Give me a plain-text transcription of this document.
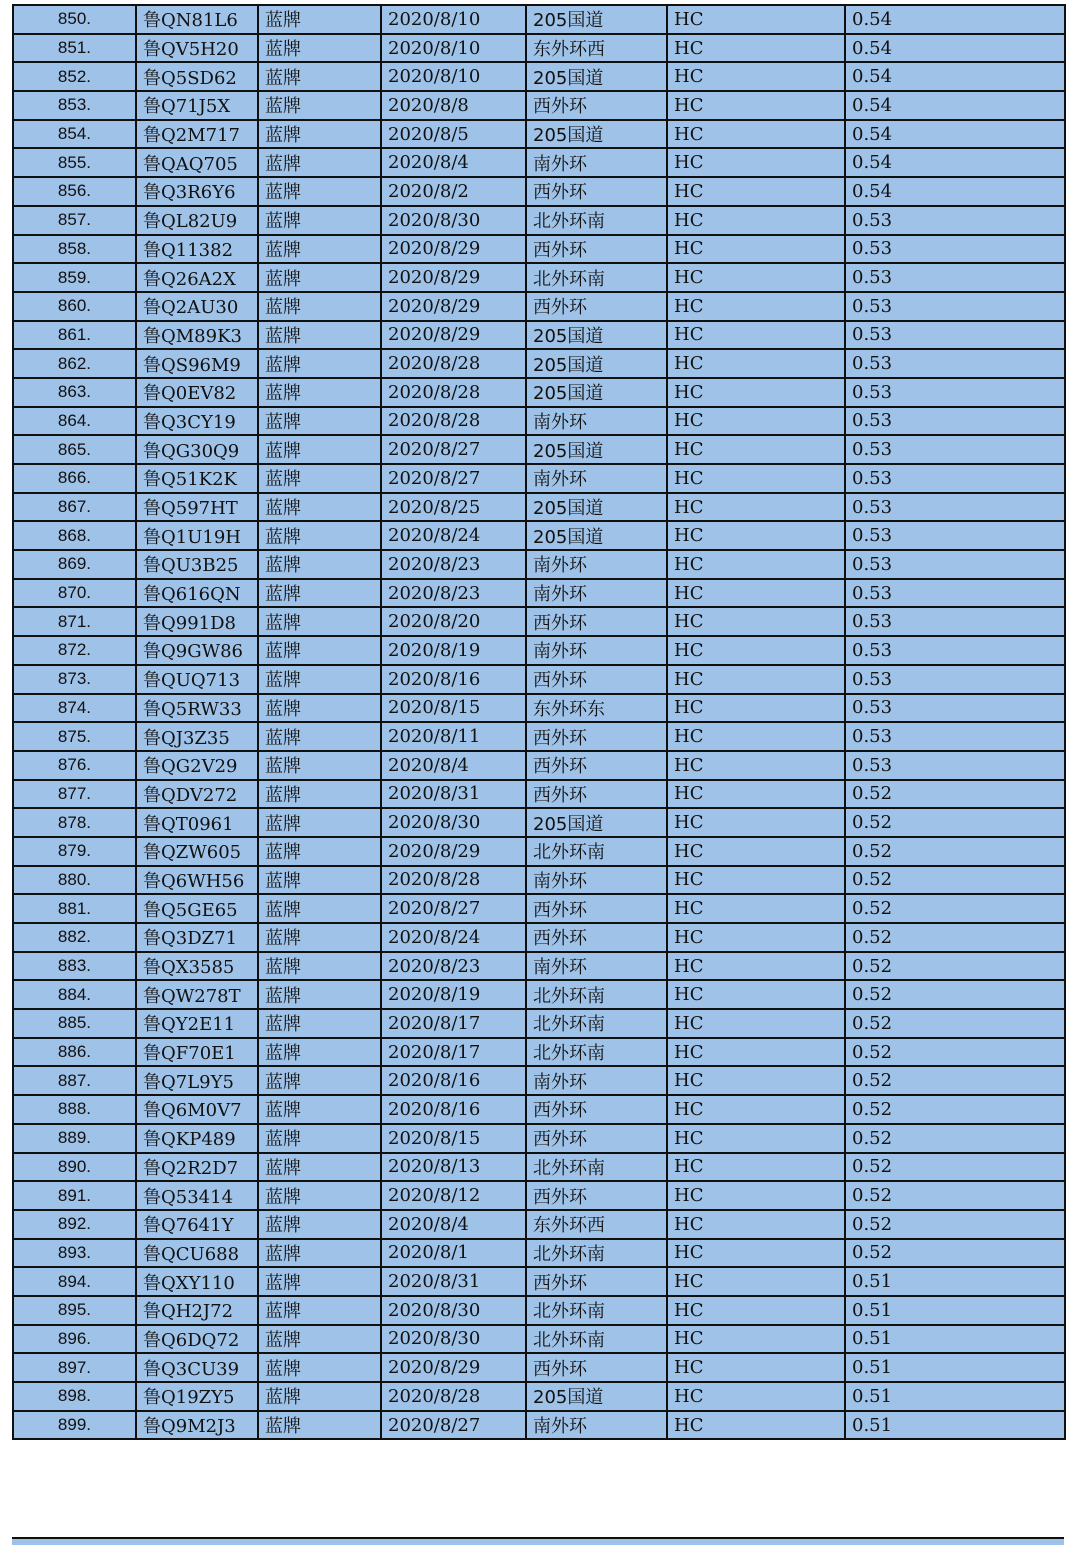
850.	鲁QN81L6	蓝牌	2020/8/10	205国道	HC	0.54
851.	鲁QV5H20	蓝牌	2020/8/10	东外环西	HC	0.54
852.	鲁Q5SD62	蓝牌	2020/8/10	205国道	HC	0.54
853.	鲁Q71J5X	蓝牌	2020/8/8	西外环	HC	0.54
854.	鲁Q2M717	蓝牌	2020/8/5	205国道	HC	0.54
855.	鲁QAQ705	蓝牌	2020/8/4	南外环	HC	0.54
856.	鲁Q3R6Y6	蓝牌	2020/8/2	西外环	HC	0.54
857.	鲁QL82U9	蓝牌	2020/8/30	北外环南	HC	0.53
858.	鲁Q11382	蓝牌	2020/8/29	西外环	HC	0.53
859.	鲁Q26A2X	蓝牌	2020/8/29	北外环南	HC	0.53
860.	鲁Q2AU30	蓝牌	2020/8/29	西外环	HC	0.53
861.	鲁QM89K3	蓝牌	2020/8/29	205国道	HC	0.53
862.	鲁QS96M9	蓝牌	2020/8/28	205国道	HC	0.53
863.	鲁Q0EV82	蓝牌	2020/8/28	205国道	HC	0.53
864.	鲁Q3CY19	蓝牌	2020/8/28	南外环	HC	0.53
865.	鲁QG30Q9	蓝牌	2020/8/27	205国道	HC	0.53
866.	鲁Q51K2K	蓝牌	2020/8/27	南外环	HC	0.53
867.	鲁Q597HT	蓝牌	2020/8/25	205国道	HC	0.53
868.	鲁Q1U19H	蓝牌	2020/8/24	205国道	HC	0.53
869.	鲁QU3B25	蓝牌	2020/8/23	南外环	HC	0.53
870.	鲁Q616QN	蓝牌	2020/8/23	南外环	HC	0.53
871.	鲁Q991D8	蓝牌	2020/8/20	西外环	HC	0.53
872.	鲁Q9GW86	蓝牌	2020/8/19	南外环	HC	0.53
873.	鲁QUQ713	蓝牌	2020/8/16	西外环	HC	0.53
874.	鲁Q5RW33	蓝牌	2020/8/15	东外环东	HC	0.53
875.	鲁QJ3Z35	蓝牌	2020/8/11	西外环	HC	0.53
876.	鲁QG2V29	蓝牌	2020/8/4	西外环	HC	0.53
877.	鲁QDV272	蓝牌	2020/8/31	西外环	HC	0.52
878.	鲁QT0961	蓝牌	2020/8/30	205国道	HC	0.52
879.	鲁QZW605	蓝牌	2020/8/29	北外环南	HC	0.52
880.	鲁Q6WH56	蓝牌	2020/8/28	南外环	HC	0.52
881.	鲁Q5GE65	蓝牌	2020/8/27	西外环	HC	0.52
882.	鲁Q3DZ71	蓝牌	2020/8/24	西外环	HC	0.52
883.	鲁QX3585	蓝牌	2020/8/23	南外环	HC	0.52
884.	鲁QW278T	蓝牌	2020/8/19	北外环南	HC	0.52
885.	鲁QY2E11	蓝牌	2020/8/17	北外环南	HC	0.52
886.	鲁QF70E1	蓝牌	2020/8/17	北外环南	HC	0.52
887.	鲁Q7L9Y5	蓝牌	2020/8/16	南外环	HC	0.52
888.	鲁Q6M0V7	蓝牌	2020/8/16	西外环	HC	0.52
889.	鲁QKP489	蓝牌	2020/8/15	西外环	HC	0.52
890.	鲁Q2R2D7	蓝牌	2020/8/13	北外环南	HC	0.52
891.	鲁Q53414	蓝牌	2020/8/12	西外环	HC	0.52
892.	鲁Q7641Y	蓝牌	2020/8/4	东外环西	HC	0.52
893.	鲁QCU688	蓝牌	2020/8/1	北外环南	HC	0.52
894.	鲁QXY110	蓝牌	2020/8/31	西外环	HC	0.51
895.	鲁QH2J72	蓝牌	2020/8/30	北外环南	HC	0.51
896.	鲁Q6DQ72	蓝牌	2020/8/30	北外环南	HC	0.51
897.	鲁Q3CU39	蓝牌	2020/8/29	西外环	HC	0.51
898.	鲁Q19ZY5	蓝牌	2020/8/28	205国道	HC	0.51
899.	鲁Q9M2J3	蓝牌	2020/8/27	南外环	HC	0.51
